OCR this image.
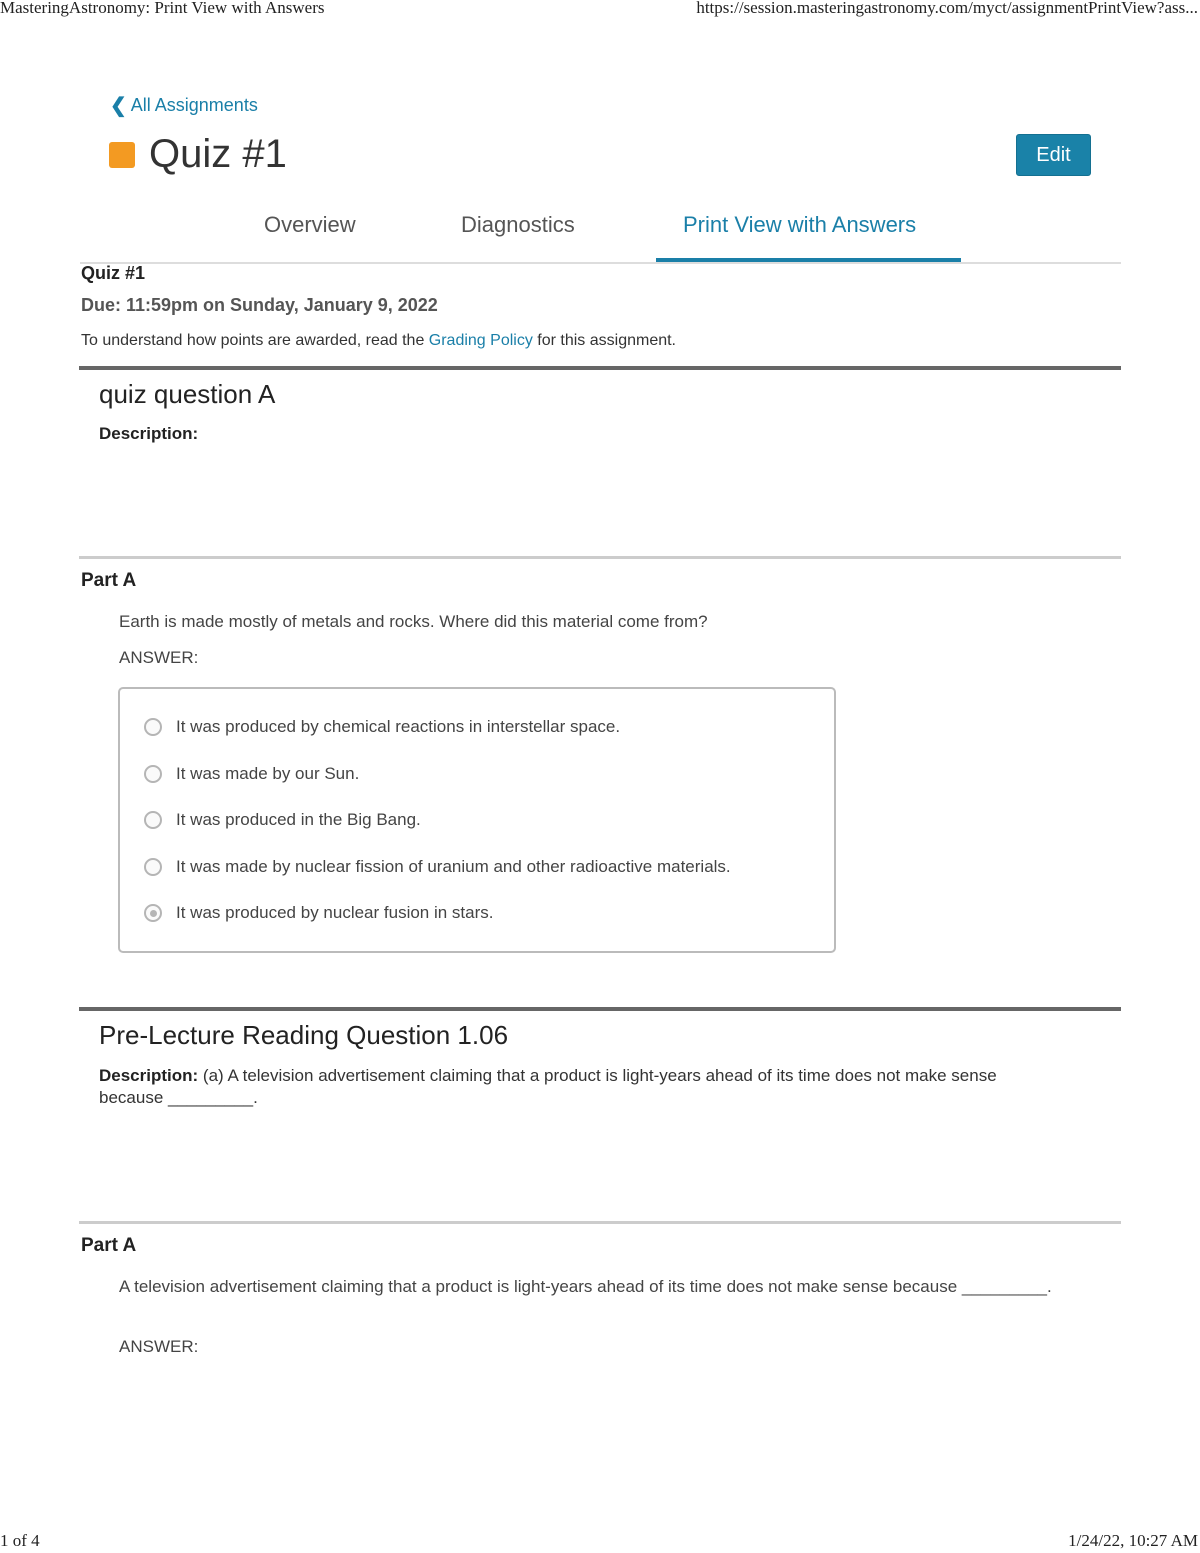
MasteringAstronomy: Print View with Answers	https://session.masteringastronomy.com/myct/assignmentPrintView?ass...
❮ All Assignments
Quiz #1	Edit
Overview	Diagnostics	Print View with Answers
Quiz #1
Due: 11:59pm on Sunday, January 9, 2022
To understand how points are awarded, read the Grading Policy for this assignment.
quiz question A
Description:
Part A
Earth is made mostly of metals and rocks. Where did this material come from?
ANSWER:
It was produced by chemical reactions in interstellar space.
It was made by our Sun.
It was produced in the Big Bang.
It was made by nuclear fission of uranium and other radioactive materials.
It was produced by nuclear fusion in stars.
Pre-Lecture Reading Question 1.06
Description: (a) A television advertisement claiming that a product is light-years ahead of its time does not make sense because _________.
Part A
A television advertisement claiming that a product is light-years ahead of its time does not make sense because _________.
ANSWER:
1 of 4	1/24/22, 10:27 AM
